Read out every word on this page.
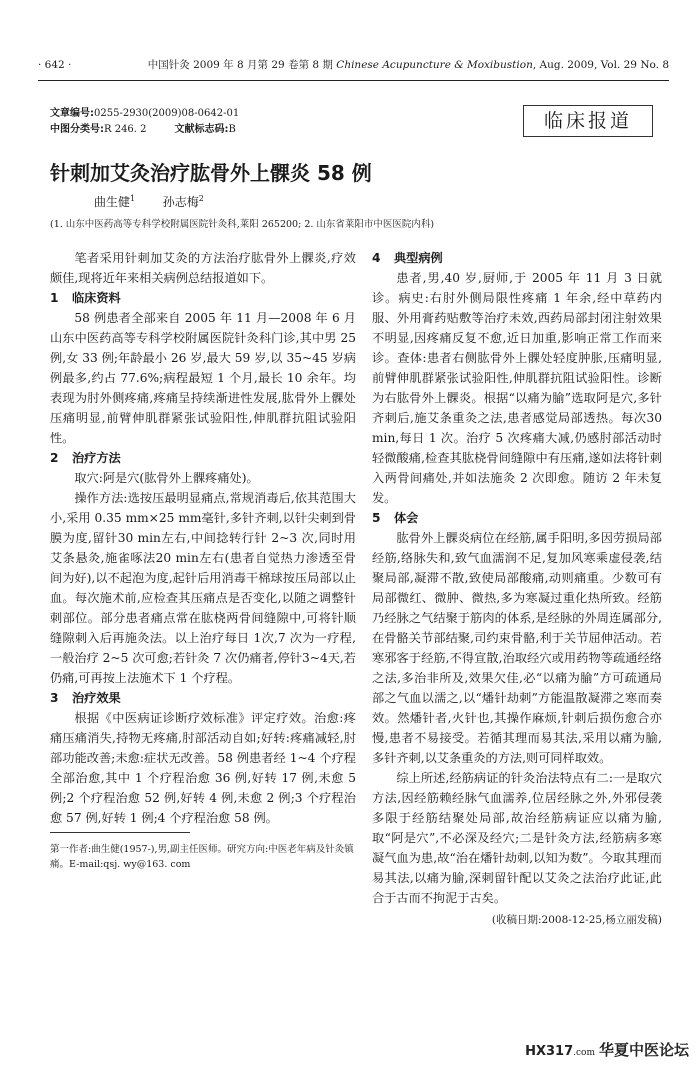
· 642 ·	中国针灸 2009 年 8 月第 29 卷第 8 期 Chinese Acupuncture & Moxibustion, Aug. 2009, Vol. 29 No. 8
文章编号:0255-2930(2009)08-0642-01
中图分类号:R 246. 2	文献标志码:B	临床报道
针刺加艾灸治疗肱骨外上髁炎 58 例
曲生健$^1$ 孙志梅$^2$
(1. 山东中医药高等专科学校附属医院针灸科,莱阳 265200; 2. 山东省莱阳市中医医院内科)

笔者采用针刺加艾灸的方法治疗肱骨外上髁炎,疗效颇佳,现将近年来相关病例总结报道如下。

1 临床资料

58 例患者全部来自 2005 年 11 月—2008 年 6 月山东中医药高等专科学校附属医院针灸科门诊,其中男 25 例,女 33 例;年龄最小 26 岁,最大 59 岁,以 35~45 岁病例最多,约占 77.6%;病程最短 1 个月,最长 10 余年。均表现为肘外侧疼痛,疼痛呈持续渐进性发展,肱骨外上髁处压痛明显,前臂伸肌群紧张试验阳性,伸肌群抗阻试验阳性。

2 治疗方法

取穴:阿是穴(肱骨外上髁疼痛处)。

操作方法:选按压最明显痛点,常规消毒后,依其范围大小,采用 0.35 mm×25 mm毫针,多针齐刺,以针尖刺到骨膜为度,留针30 min左右,中间捻转行针 2~3 次,同时用艾条悬灸,施雀啄法20 min左右(患者自觉热力渗透至骨间为好),以不起泡为度,起针后用消毒干棉球按压局部以止血。每次施术前,应检查其压痛点是否变化,以随之调整针刺部位。部分患者痛点常在肱桡两骨间缝隙中,可将针顺缝隙刺入后再施灸法。以上治疗每日 1次,7 次为一疗程,一般治疗 2~5 次可愈;若针灸 7 次仍痛者,停针3~4天,若仍痛,可再按上法施术下 1 个疗程。

3 治疗效果

根据《中医病证诊断疗效标准》评定疗效。治愈:疼痛压痛消失,持物无疼痛,肘部活动自如;好转:疼痛减轻,肘部功能改善;未愈:症状无改善。58 例患者经 1~4 个疗程全部治愈,其中 1 个疗程治愈 36 例,好转 17 例,未愈 5 例;2 个疗程治愈 52 例,好转 4 例,未愈 2 例;3 个疗程治愈 57 例,好转 1 例;4 个疗程治愈 58 例。

第一作者:曲生健(1957-),男,副主任医师。研究方向:中医老年病及针灸镇痛。E-mail:qsj. wy@163. com
4 典型病例

患者,男,40 岁,厨师,于 2005 年 11 月 3 日就诊。病史:右肘外侧局限性疼痛 1 年余,经中草药内服、外用膏药贴敷等治疗未效,西药局部封闭注射效果不明显,因疼痛反复不愈,近日加重,影响正常工作而来诊。查体:患者右侧肱骨外上髁处轻度肿胀,压痛明显,前臂伸肌群紧张试验阳性,伸肌群抗阻试验阳性。诊断为右肱骨外上髁炎。根据“以痛为腧”选取阿是穴,多针齐刺后,施艾条重灸之法,患者感觉局部透热。每次30 min,每日 1 次。治疗 5 次疼痛大减,仍感肘部活动时轻微酸痛,检查其肱桡骨间缝隙中有压痛,遂如法将针刺入两骨间痛处,并如法施灸 2 次即愈。随访 2 年未复发。

5 体会

肱骨外上髁炎病位在经筋,属手阳明,多因劳损局部经筋,络脉失和,致气血濡润不足,复加风寒乘虚侵袭,结聚局部,凝滞不散,致使局部酸痛,动则痛重。少数可有局部微红、微肿、微热,多为寒凝过重化热所致。经筋乃经脉之气结聚于筋肉的体系,是经脉的外周连属部分,在骨骼关节部结聚,司约束骨骼,利于关节屈伸活动。若寒邪客于经筋,不得宣散,治取经穴或用药物等疏通经络之法,多治非所及,效果欠佳,必“以痛为腧”方可疏通局部之气血以濡之,以“燔针劫刺”方能温散凝滞之寒而奏效。然燔针者,火针也,其操作麻烦,针刺后损伤愈合亦慢,患者不易接受。若循其理而易其法,采用以痛为腧,多针齐刺,以艾条重灸的方法,则可同样取效。

综上所述,经筋病证的针灸治法特点有二:一是取穴方法,因经筋赖经脉气血濡养,位居经脉之外,外邪侵袭多限于经筋结聚处局部,故治经筋病证应以痛为腧,取“阿是穴”,不必深及经穴;二是针灸方法,经筋病多寒凝气血为患,故“治在燔针劫刺,以知为数”。今取其理而易其法,以痛为腧,深刺留针配以艾灸之法治疗此证,此合于古而不拘泥于古矣。

(收稿日期:2008-12-25,杨立丽发稿)

HX317.com 华夏中医论坛
